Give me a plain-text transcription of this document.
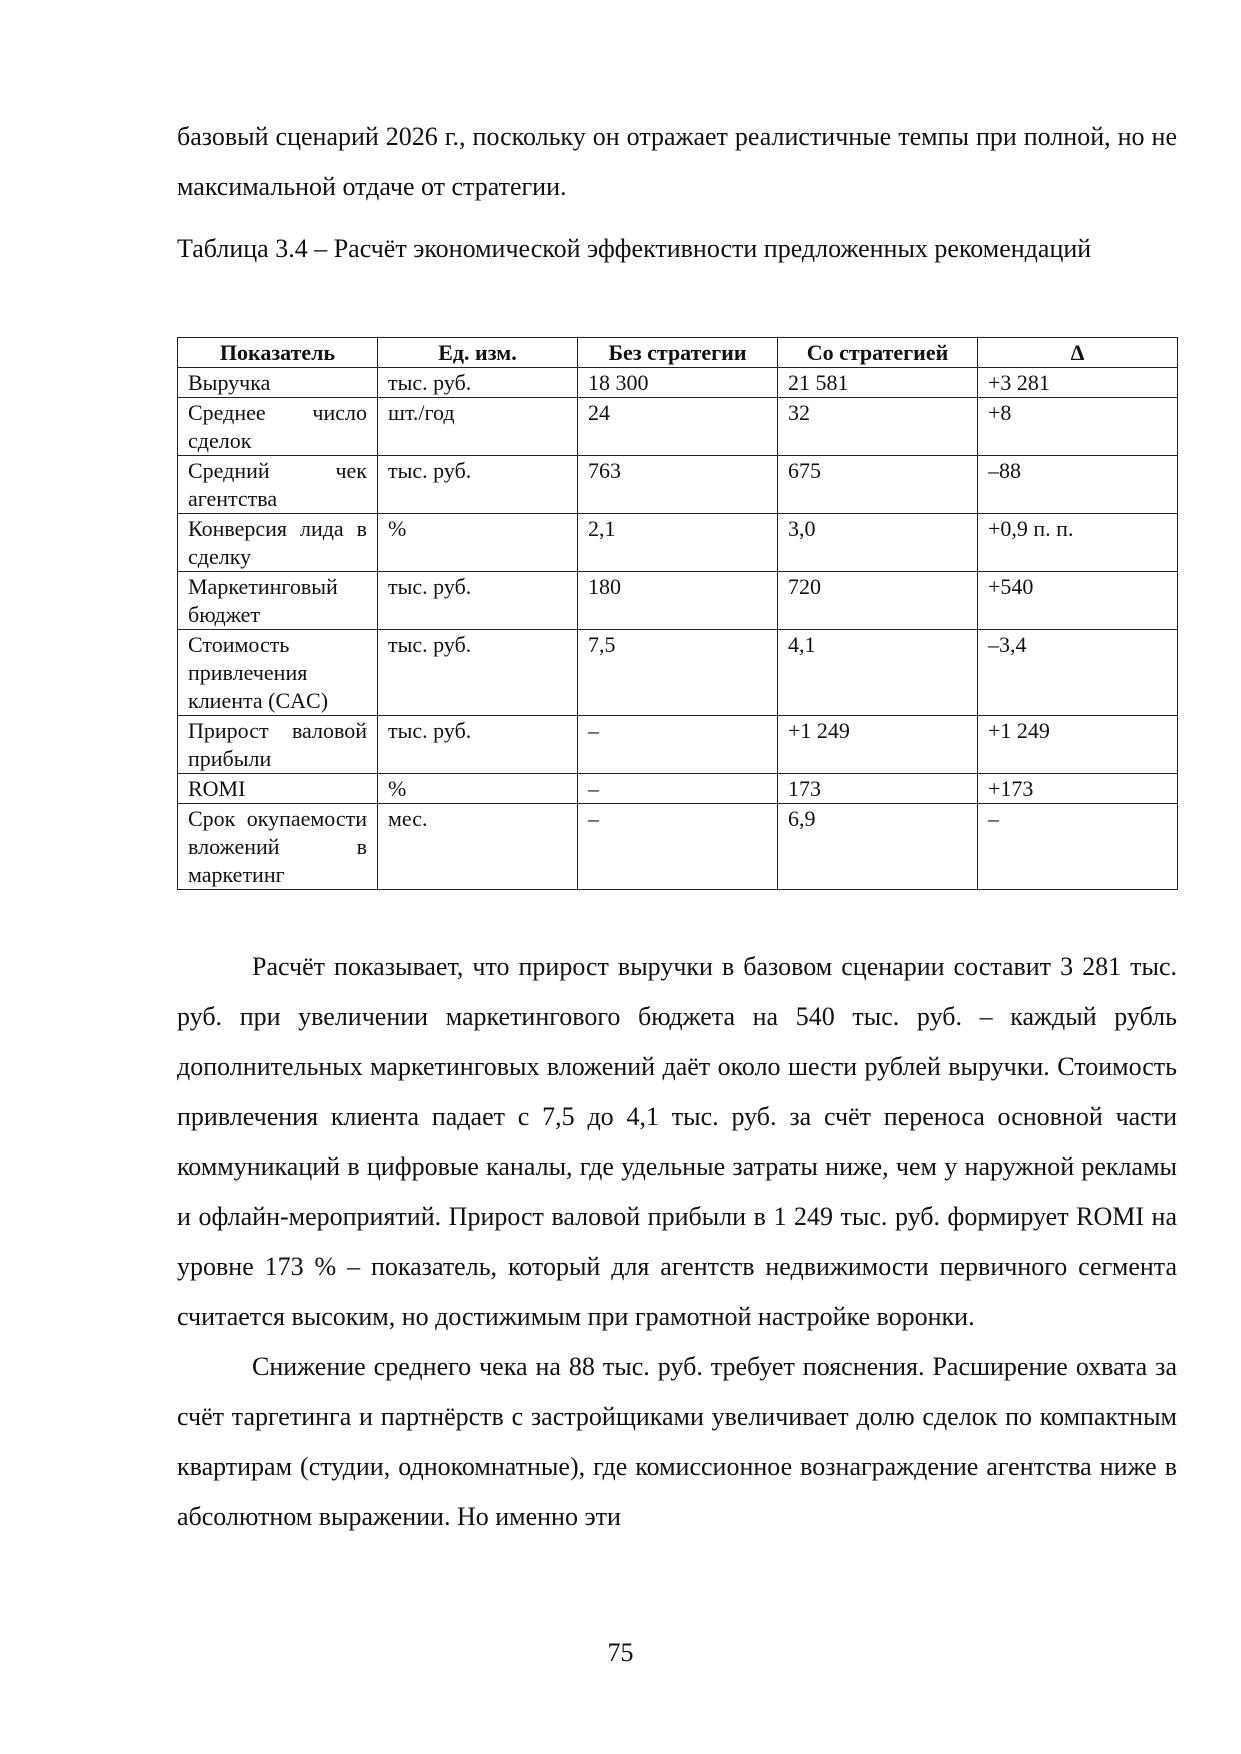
базовый сценарий 2026 г., поскольку он отражает реалистичные темпы при полной, но не максимальной отдаче от стратегии.

Таблица 3.4 – Расчёт экономической эффективности предложенных рекомендаций

Показатель	Ед. изм.	Без стратегии	Со стратегией	Δ
Выручка	тыс. руб.	18 300	21 581	+3 281
Среднее число сделок	шт./год	24	32	+8
Средний чек агентства	тыс. руб.	763	675	–88
Конверсия лида в сделку	%	2,1	3,0	+0,9 п. п.
Маркетинговый бюджет	тыс. руб.	180	720	+540
Стоимость привлечения клиента (CAC)	тыс. руб.	7,5	4,1	–3,4
Прирост валовой прибыли	тыс. руб.	–	+1 249	+1 249
ROMI	%	–	173	+173
Срок окупаемости вложений в маркетинг	мес.	–	6,9	–

Расчёт показывает, что прирост выручки в базовом сценарии составит 3 281 тыс. руб. при увеличении маркетингового бюджета на 540 тыс. руб. – каждый рубль дополнительных маркетинговых вложений даёт около шести рублей выручки. Стоимость привлечения клиента падает с 7,5 до 4,1 тыс. руб. за счёт переноса основной части коммуникаций в цифровые каналы, где удельные затраты ниже, чем у наружной рекламы и офлайн-мероприятий. Прирост валовой прибыли в 1 249 тыс. руб. формирует ROMI на уровне 173 % – показатель, который для агентств недвижимости первичного сегмента считается высоким, но достижимым при грамотной настройке воронки.

Снижение среднего чека на 88 тыс. руб. требует пояснения. Расширение охвата за счёт таргетинга и партнёрств с застройщиками увеличивает долю сделок по компактным квартирам (студии, однокомнатные), где комиссионное вознаграждение агентства ниже в абсолютном выражении. Но именно эти

75
